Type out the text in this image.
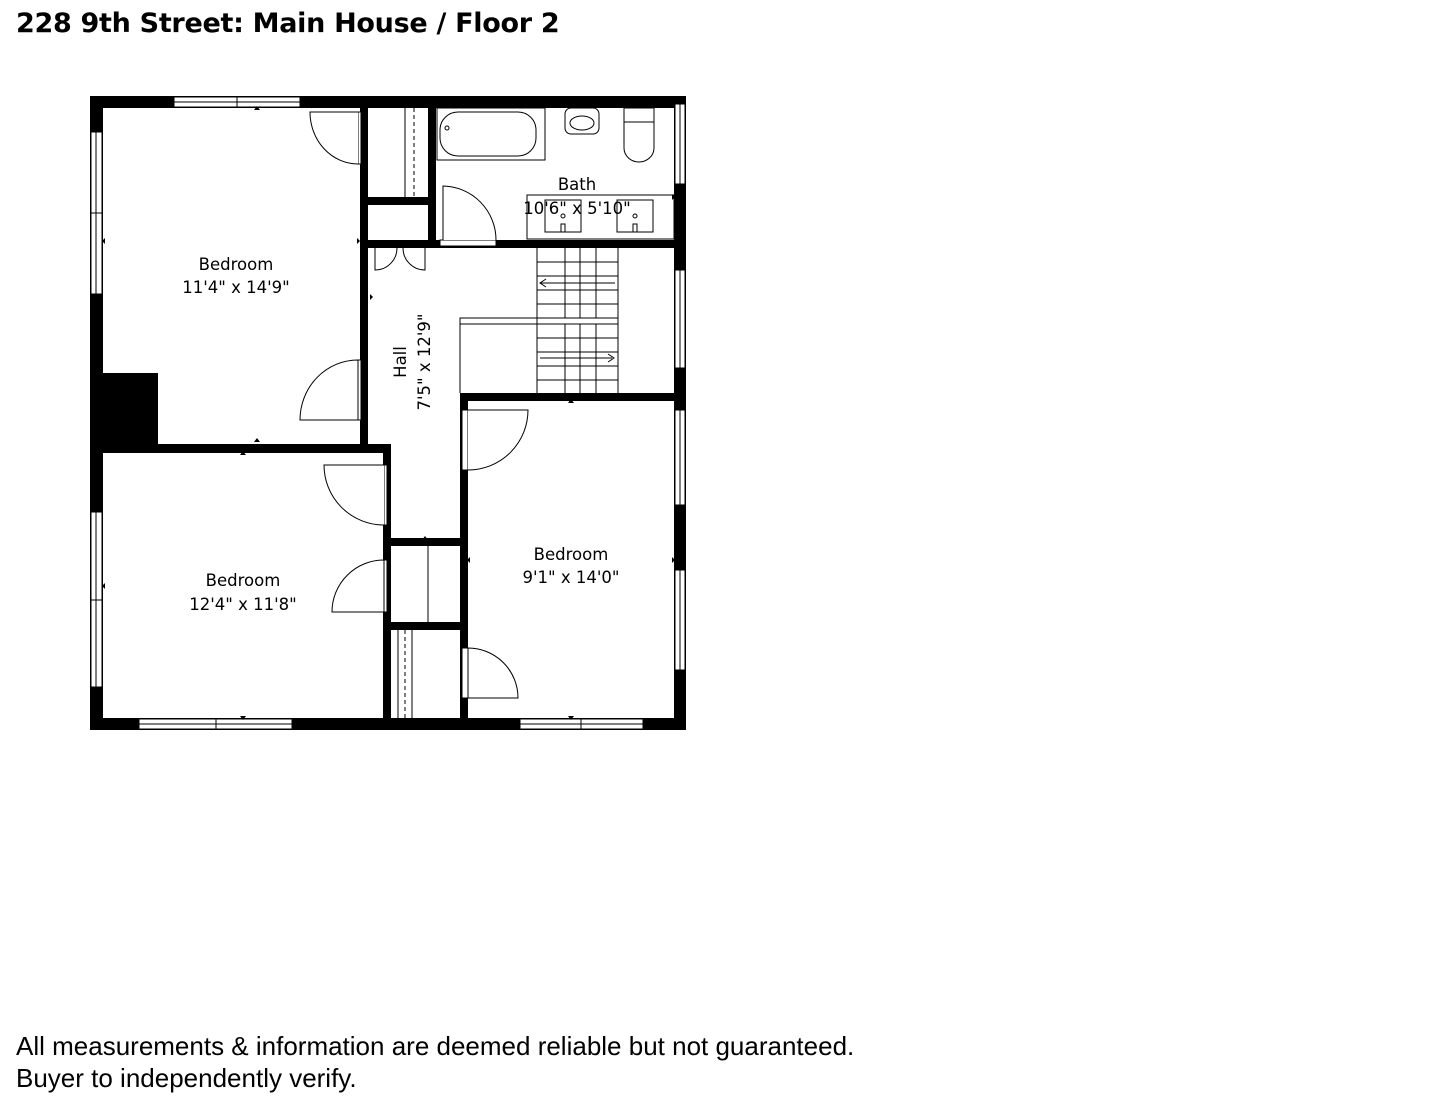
228 9th Street: Main House / Floor 2
Bedroom
11'4" x 14'9"
Bath
10'6" x 5'10"
Hall 7'5" x 12'9"
Bedroom
12'4" x 11'8"
Bedroom
9'1" x 14'0"
All measurements & information are deemed reliable but not guaranteed.
Buyer to independently verify.
